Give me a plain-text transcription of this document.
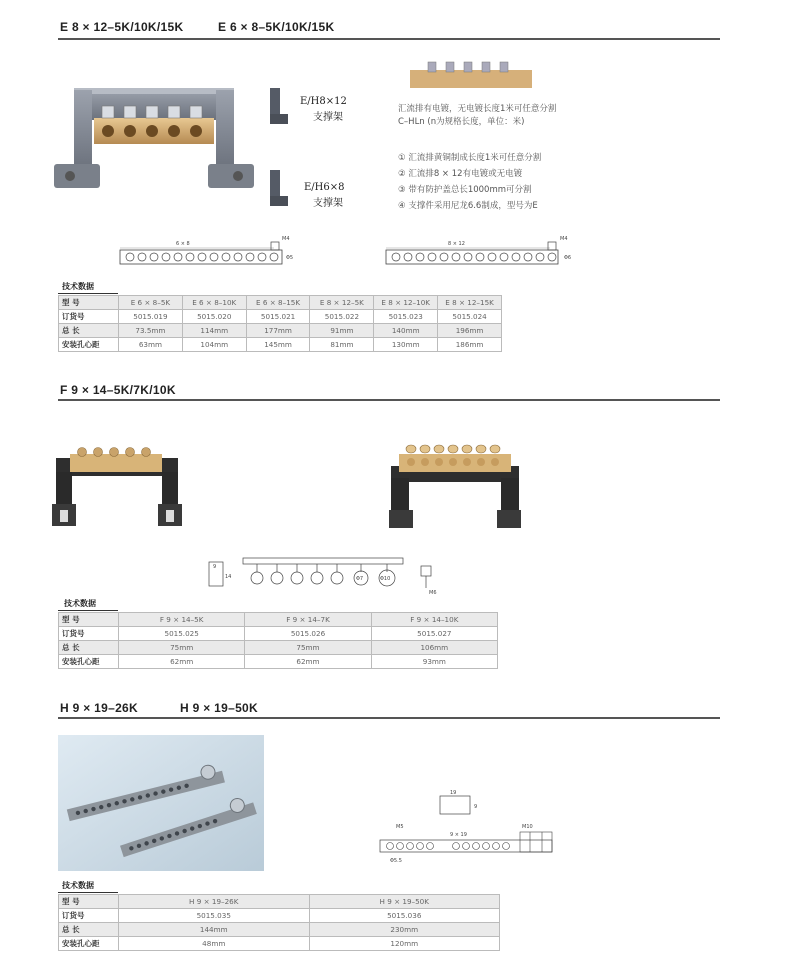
E 8 × 12–5K/10K/15K	E 6 × 8–5K/10K/15K
E/H8×12
支撑架
E/H6×8
支撑架
汇流排有电镀，无电镀长度1米可任意分割
C–HLn (n为规格长度，单位：米)
① 汇流排黄铜制成长度1米可任意分割
② 汇流排8 × 12有电镀或无电镀
③ 带有防护盖总长1000mm可分割
④ 支撑件采用尼龙6.6制成，型号为E
6 × 8
M4
Φ5
8 × 12
M4
Φ6
技术数据
型 号	E 6 × 8–5K	E 6 × 8–10K	E 6 × 8–15K	E 8 × 12–5K	E 8 × 12–10K	E 8 × 12–15K
订货号	5015.019	5015.020	5015.021	5015.022	5015.023	5015.024
总 长	73.5mm	114mm	177mm	91mm	140mm	196mm
安装孔心距	63mm	104mm	145mm	81mm	130mm	186mm
F 9 × 14–5K/7K/10K
9
14	Φ7	Φ10
M6
技术数据
型 号	F 9 × 14–5K	F 9 × 14–7K	F 9 × 14–10K
订货号	5015.025	5015.026	5015.027
总 长	75mm	75mm	106mm
安装孔心距	62mm	62mm	93mm
H 9 × 19–26K	H 9 × 19–50K
19
9
9 × 19
M5	M10
Φ5.5
技术数据
型 号	H 9 × 19–26K	H 9 × 19–50K
订货号	5015.035	5015.036
总 长	144mm	230mm
安装孔心距	48mm	120mm
